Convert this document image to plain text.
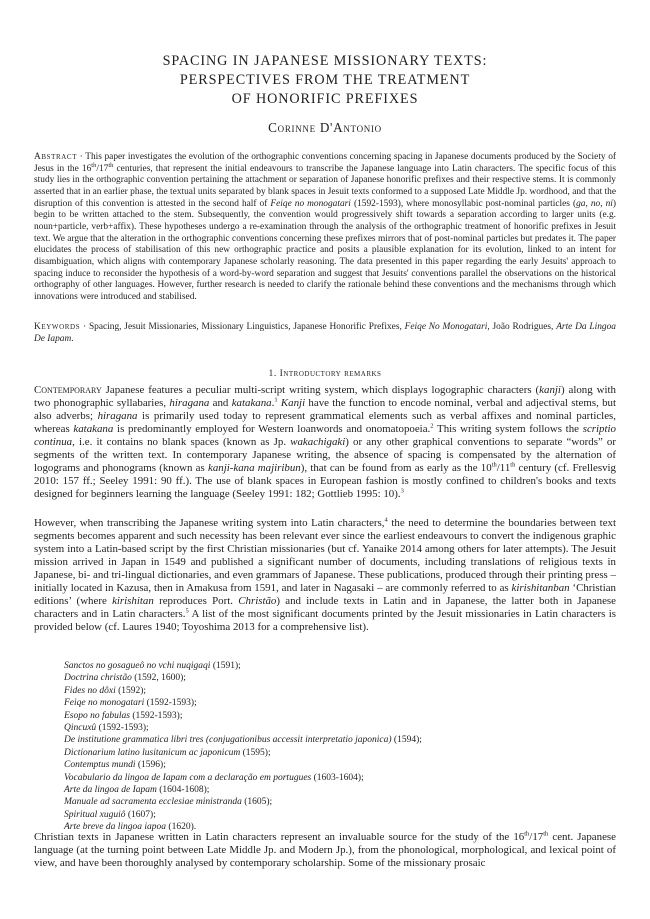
SPACING IN JAPANESE MISSIONARY TEXTS:
PERSPECTIVES FROM THE TREATMENT
OF HONORIFIC PREFIXES
Corinne D'Antonio
Abstract · This paper investigates the evolution of the orthographic conventions concerning spacing in Japanese documents produced by the Society of Jesus in the 16th/17th centuries, that represent the initial endeavours to transcribe the Japanese language into Latin characters. The specific focus of this study lies in the orthographic convention pertaining the attachment or separation of Japanese honorific prefixes and their respective stems. It is commonly asserted that in an earlier phase, the textual units separated by blank spaces in Jesuit texts conformed to a supposed Late Middle Jp. wordhood, and that the disruption of this convention is attested in the second half of Feiqe no monogatari (1592-1593), where monosyllabic post-nominal particles (ga, no, ni) begin to be written attached to the stem. Subsequently, the convention would progressively shift towards a separation according to larger units (e.g. noun+particle, verb+affix). These hypotheses undergo a re-examination through the analysis of the orthographic treatment of honorific prefixes in Jesuit text. We argue that the alteration in the orthographic conventions concerning these prefixes mirrors that of post-nominal particles but predates it. The paper elucidates the process of stabilisation of this new orthographic practice and posits a plausible explanation for its evolution, linked to an intent for disambiguation, which aligns with contemporary Japanese scholarly reasoning. The data presented in this paper regarding the early Jesuits' approach to spacing induce to reconsider the hypothesis of a word-by-word separation and suggest that Jesuits' conventions parallel the observations on the historical orthography of other languages. However, further research is needed to clarify the rationale behind these conventions and the mechanisms through which innovations were introduced and stabilised.
Keywords · Spacing, Jesuit Missionaries, Missionary Linguistics, Japanese Honorific Prefixes, Feiqe No Monogatari, João Rodrigues, Arte Da Lingoa De Iapam.
1. Introductory remarks
Contemporary Japanese features a peculiar multi-script writing system, which displays logographic characters (kanji) along with two phonographic syllabaries, hiragana and katakana.$^1$ Kanji have the function to encode nominal, verbal and adjectival stems, but also adverbs; hiragana is primarily used today to represent grammatical elements such as verbal affixes and nominal particles, whereas katakana is predominantly employed for Western loanwords and onomatopoeia.$^2$ This writing system follows the scriptio continua, i.e. it contains no blank spaces (known as Jp. wakachigaki) or any other graphical conventions to separate “words” or segments of the written text. In contemporary Japanese writing, the absence of spacing is compensated by the alternation of logograms and phonograms (known as kanji-kana majiribun), that can be found from as early as the 10th/11th century (cf. Frellesvig 2010: 157 ff.; Seeley 1991: 90 ff.). The use of blank spaces in European fashion is mostly confined to children's books and texts designed for beginners learning the language (Seeley 1991: 182; Gottlieb 1995: 10).$^3$
However, when transcribing the Japanese writing system into Latin characters,$^4$ the need to determine the boundaries between text segments becomes apparent and such necessity has been relevant ever since the earliest endeavours to convert the indigenous graphic system into a Latin-based script by the first Christian missionaries (but cf. Yanaike 2014 among others for later attempts). The Jesuit mission arrived in Japan in 1549 and published a significant number of documents, including translations of religious texts in Japanese, bi- and tri-lingual dictionaries, and even grammars of Japanese. These publications, produced through their printing press – initially located in Kazusa, then in Amakusa from 1591, and later in Nagasaki – are commonly referred to as kirishitanban ‘Christian editions’ (where kirishitan reproduces Port. Christão) and include texts in Latin and in Japanese, the latter both in Japanese characters and in Latin characters.$^5$ A list of the most significant documents printed by the Jesuit missionaries in Latin characters is provided below (cf. Laures 1940; Toyoshima 2013 for a comprehensive list).
Sanctos no gosagueô no vchi nuqigaqi (1591);
Doctrina christão (1592, 1600);
Fides no dôxi (1592);
Feiqe no monogatari (1592-1593);
Esopo no fabulas (1592-1593);
Qincuxû (1592-1593);
De institutione grammatica libri tres (conjugationibus accessit interpretatio japonica) (1594);
Dictionarium latino lusitanicum ac japonicum (1595);
Contemptus mundi (1596);
Vocabulario da lingoa de Iapam com a declaração em portugues (1603-1604);
Arte da lingoa de Iapam (1604-1608);
Manuale ad sacramenta ecclesiae ministranda (1605);
Spiritual xuguiô (1607);
Arte breve da lingoa iapoa (1620).
Christian texts in Japanese written in Latin characters represent an invaluable source for the study of the 16th/17th cent. Japanese language (at the turning point between Late Middle Jp. and Modern Jp.), from the phonological, morphological, and lexical point of view, and have been thoroughly analysed by contemporary scholarship. Some of the missionary prosaic
